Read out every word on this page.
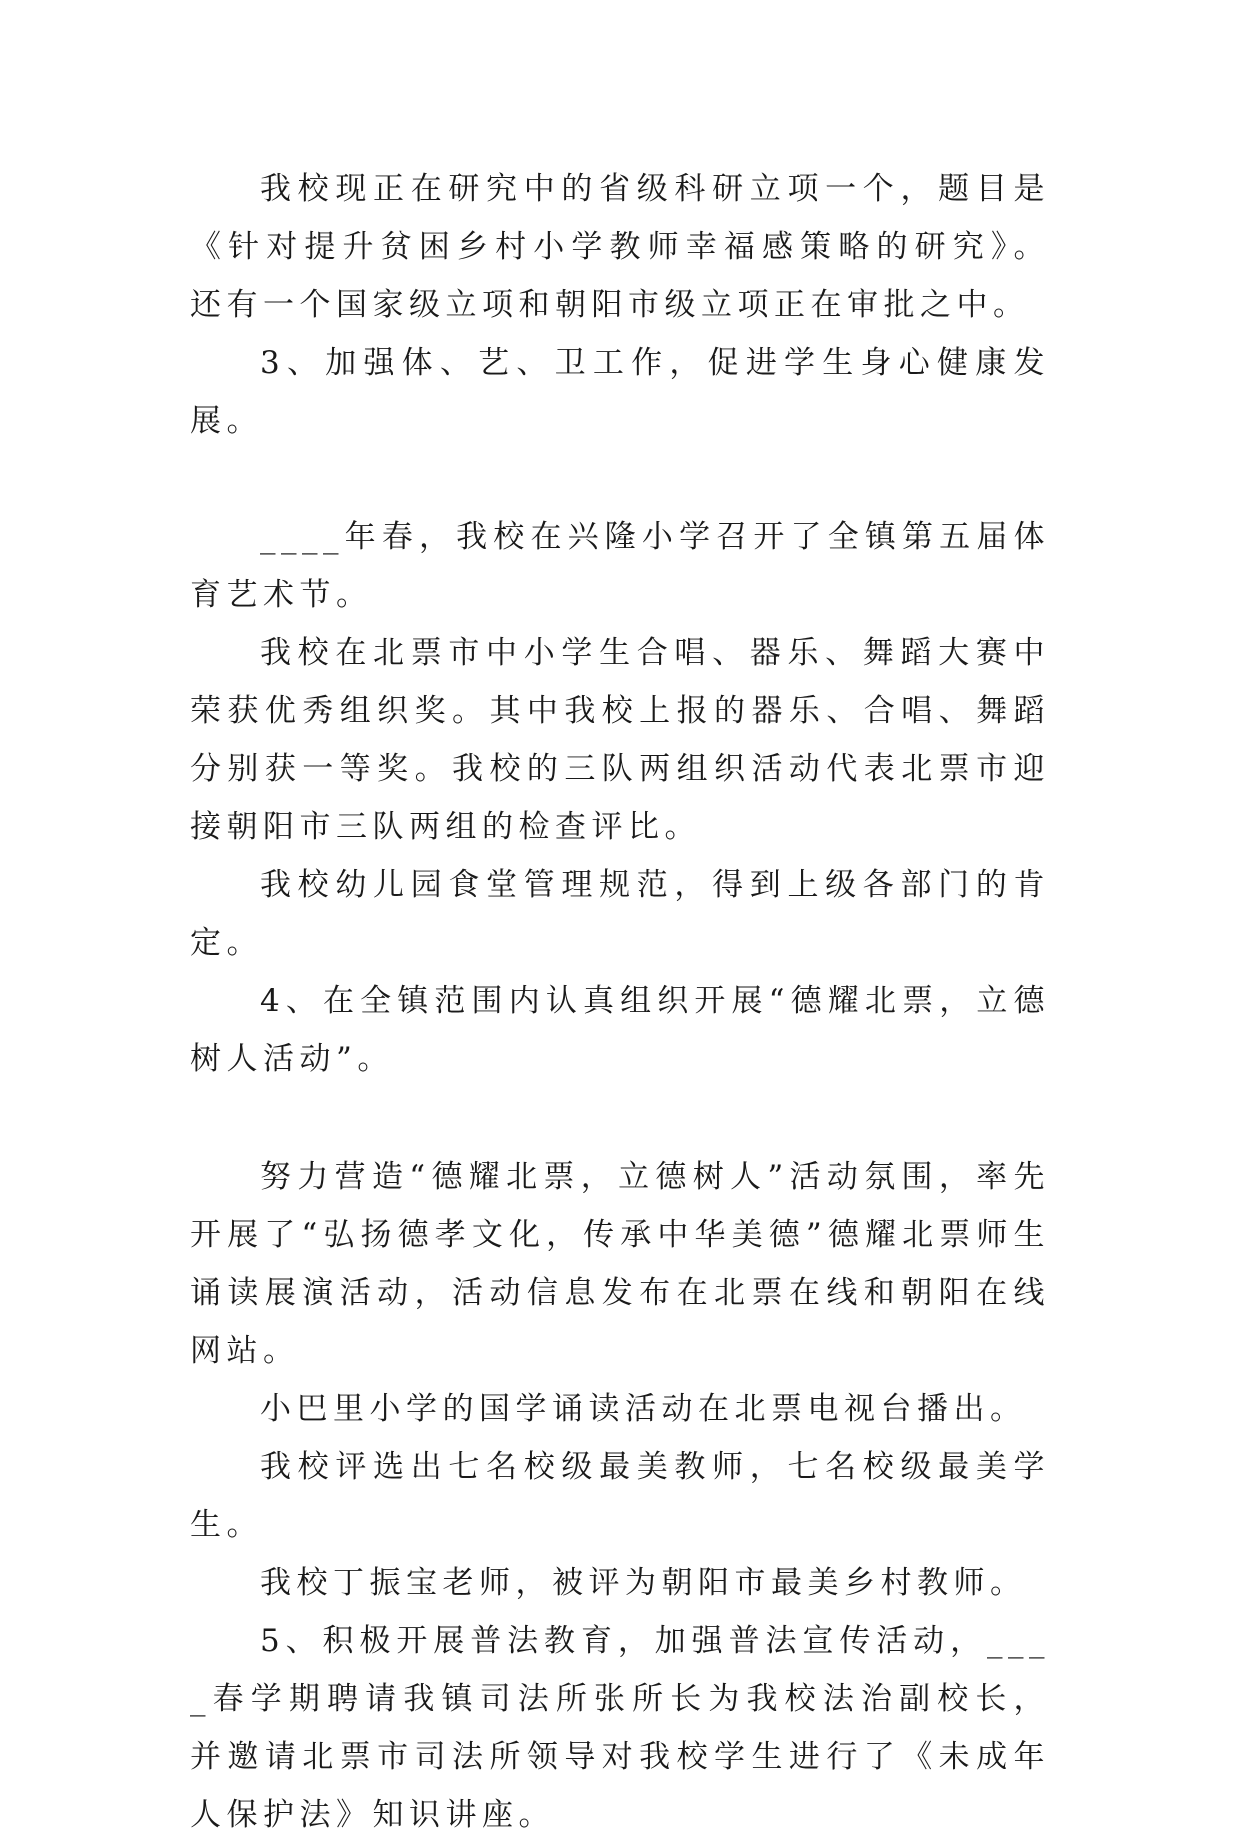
我校现正在研究中的省级科研立项一个，题目是《针对提升贫困乡村小学教师幸福感策略的研究》。还有一个国家级立项和朝阳市级立项正在审批之中。

3、加强体、艺、卫工作，促进学生身心健康发展。

____年春，我校在兴隆小学召开了全镇第五届体育艺术节。

我校在北票市中小学生合唱、器乐、舞蹈大赛中荣获优秀组织奖。其中我校上报的器乐、合唱、舞蹈分别获一等奖。我校的三队两组织活动代表北票市迎接朝阳市三队两组的检查评比。

我校幼儿园食堂管理规范，得到上级各部门的肯定。

4、在全镇范围内认真组织开展“德耀北票，立德树人活动”。

努力营造“德耀北票，立德树人”活动氛围，率先开展了“弘扬德孝文化，传承中华美德”德耀北票师生诵读展演活动，活动信息发布在北票在线和朝阳在线网站。

小巴里小学的国学诵读活动在北票电视台播出。

我校评选出七名校级最美教师，七名校级最美学生。

我校丁振宝老师，被评为朝阳市最美乡村教师。

5、积极开展普法教育，加强普法宣传活动，____春学期聘请我镇司法所张所长为我校法治副校长，并邀请北票市司法所领导对我校学生进行了《未成年人保护法》知识讲座。
